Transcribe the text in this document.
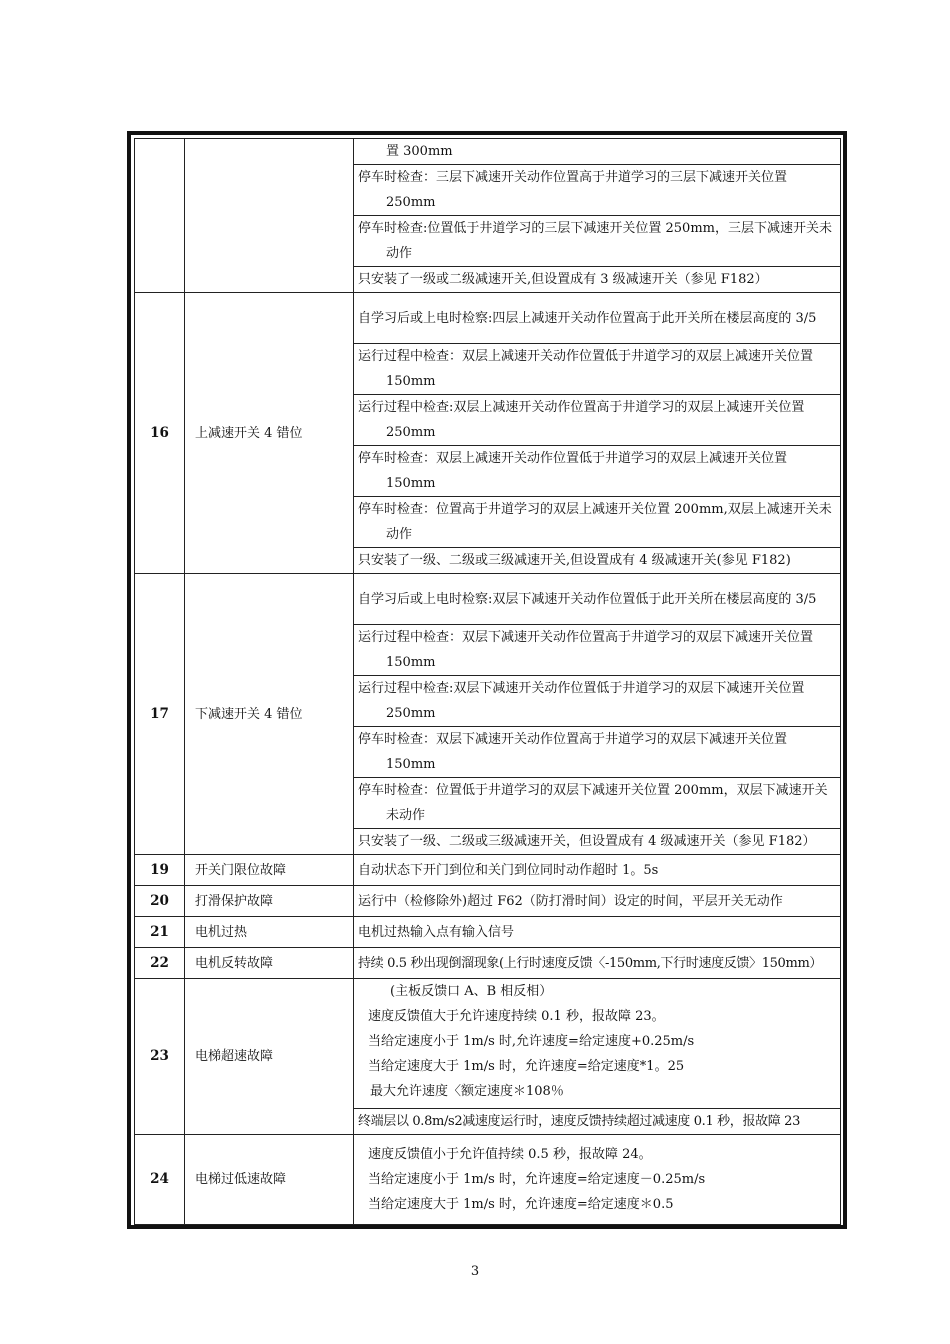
		置 300mm

		停车时检查：三层下减速开关动作位置高于井道学习的三层下减速开关位置 250mm

		停车时检查:位置低于井道学习的三层下减速开关位置 250mm，三层下减速开关未动作

		只安装了一级或二级减速开关,但设置成有 3 级减速开关（参见 F182）

16	上减速开关 4 错位	自学习后或上电时检察:四层上减速开关动作位置高于此开关所在楼层高度的 3/5

		运行过程中检查：双层上减速开关动作位置低于井道学习的双层上减速开关位置 150mm

		运行过程中检查:双层上减速开关动作位置高于井道学习的双层上减速开关位置 250mm

		停车时检查：双层上减速开关动作位置低于井道学习的双层上减速开关位置 150mm

		停车时检查：位置高于井道学习的双层上减速开关位置 200mm,双层上减速开关未动作

		只安装了一级、二级或三级减速开关,但设置成有 4 级减速开关(参见 F182)

17	下减速开关 4 错位	自学习后或上电时检察:双层下减速开关动作位置低于此开关所在楼层高度的 3/5

		运行过程中检查：双层下减速开关动作位置高于井道学习的双层下减速开关位置 150mm

		运行过程中检查:双层下减速开关动作位置低于井道学习的双层下减速开关位置 250mm

		停车时检查：双层下减速开关动作位置高于井道学习的双层下减速开关位置 150mm

		停车时检查：位置低于井道学习的双层下减速开关位置 200mm，双层下减速开关未动作

		只安装了一级、二级或三级减速开关，但设置成有 4 级减速开关（参见 F182）

19	开关门限位故障	自动状态下开门到位和关门到位同时动作超时 1。5s

20	打滑保护故障	运行中（检修除外)超过 F62（防打滑时间）设定的时间，平层开关无动作

21	电机过热	电机过热输入点有输入信号

22	电机反转故障	持续 0.5 秒出现倒溜现象(上行时速度反馈〈-150mm,下行时速度反馈〉150mm）

23	电梯超速故障	(主板反馈口 A、B 相反相）
速度反馈值大于允许速度持续 0.1 秒，报故障 23。
当给定速度小于 1m/s 时,允许速度=给定速度+0.25m/s
当给定速度大于 1m/s 时，允许速度=给定速度*1。25
最大允许速度〈额定速度＊108％

		终端层以 0.8m/s2减速度运行时，速度反馈持续超过减速度 0.1 秒，报故障 23

24	电梯过低速故障	速度反馈值小于允许值持续 0.5 秒，报故障 24。
当给定速度小于 1m/s 时，允许速度=给定速度－0.25m/s
当给定速度大于 1m/s 时，允许速度=给定速度＊0.5
3
